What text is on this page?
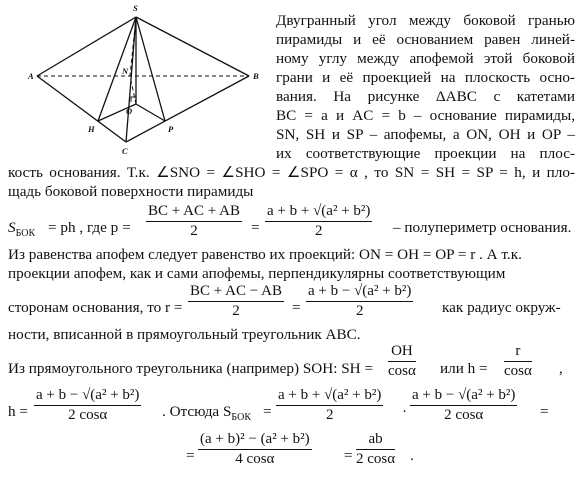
S
A	B
C
H	P
O
N
Двугранный угол между боковой гранью
пирамиды и её основанием равен линей-
ному углу между апофемой этой боковой
грани и её проекцией на плоскость осно-
вания. На рисунке ΔABC с катетами
BC = a и AC = b – основание пирамиды,
SN, SH и SP – апофемы, а ON, OH и OP –
их соответствующие проекции на плос-
кость основания. Т.к. ∠SNO = ∠SHO = ∠SPO = α , то SN = SH = SP = h, и пло-
щадь боковой поверхности пирамиды
$S_{БОК}$ = ph , где $p = \frac{BC + AC + AB}{2} = \frac{\text{a + b + √(a² + b²)}}{2}$ – полупериметр основания.
Из равенства апофем следует равенство их проекций: ON = OH = OP = r . А т.к.
проекции апофем, как и сами апофемы, перпендикулярны соответствующим
сторонам основания, то $r = \frac{BC + AC - AB}{2} = \frac{\text{a + b − √(a² + b²)}}{2}$ как радиус окруж-
ности, вписанной в прямоугольный треугольник ABC.
Из прямоугольного треугольника (например) SOH: SH = $\frac{OH}{\cos\alpha}$ или $h = \frac{r}{\cos\alpha}$ ,
$h = \frac{\text{a + b − √(a² + b²)}}{2 \cos\alpha}$ . Отсюда $S_{БОК} = \frac{\text{a + b + √(a² + b²)}}{2} \cdot \frac{\text{a + b − √(a² + b²)}}{2 \cos\alpha}$ =
= $\frac{\text{(a + b)² − (a² + b²)}}{4 \cos\alpha} = \frac{ab}{2 \cos\alpha}$ .
